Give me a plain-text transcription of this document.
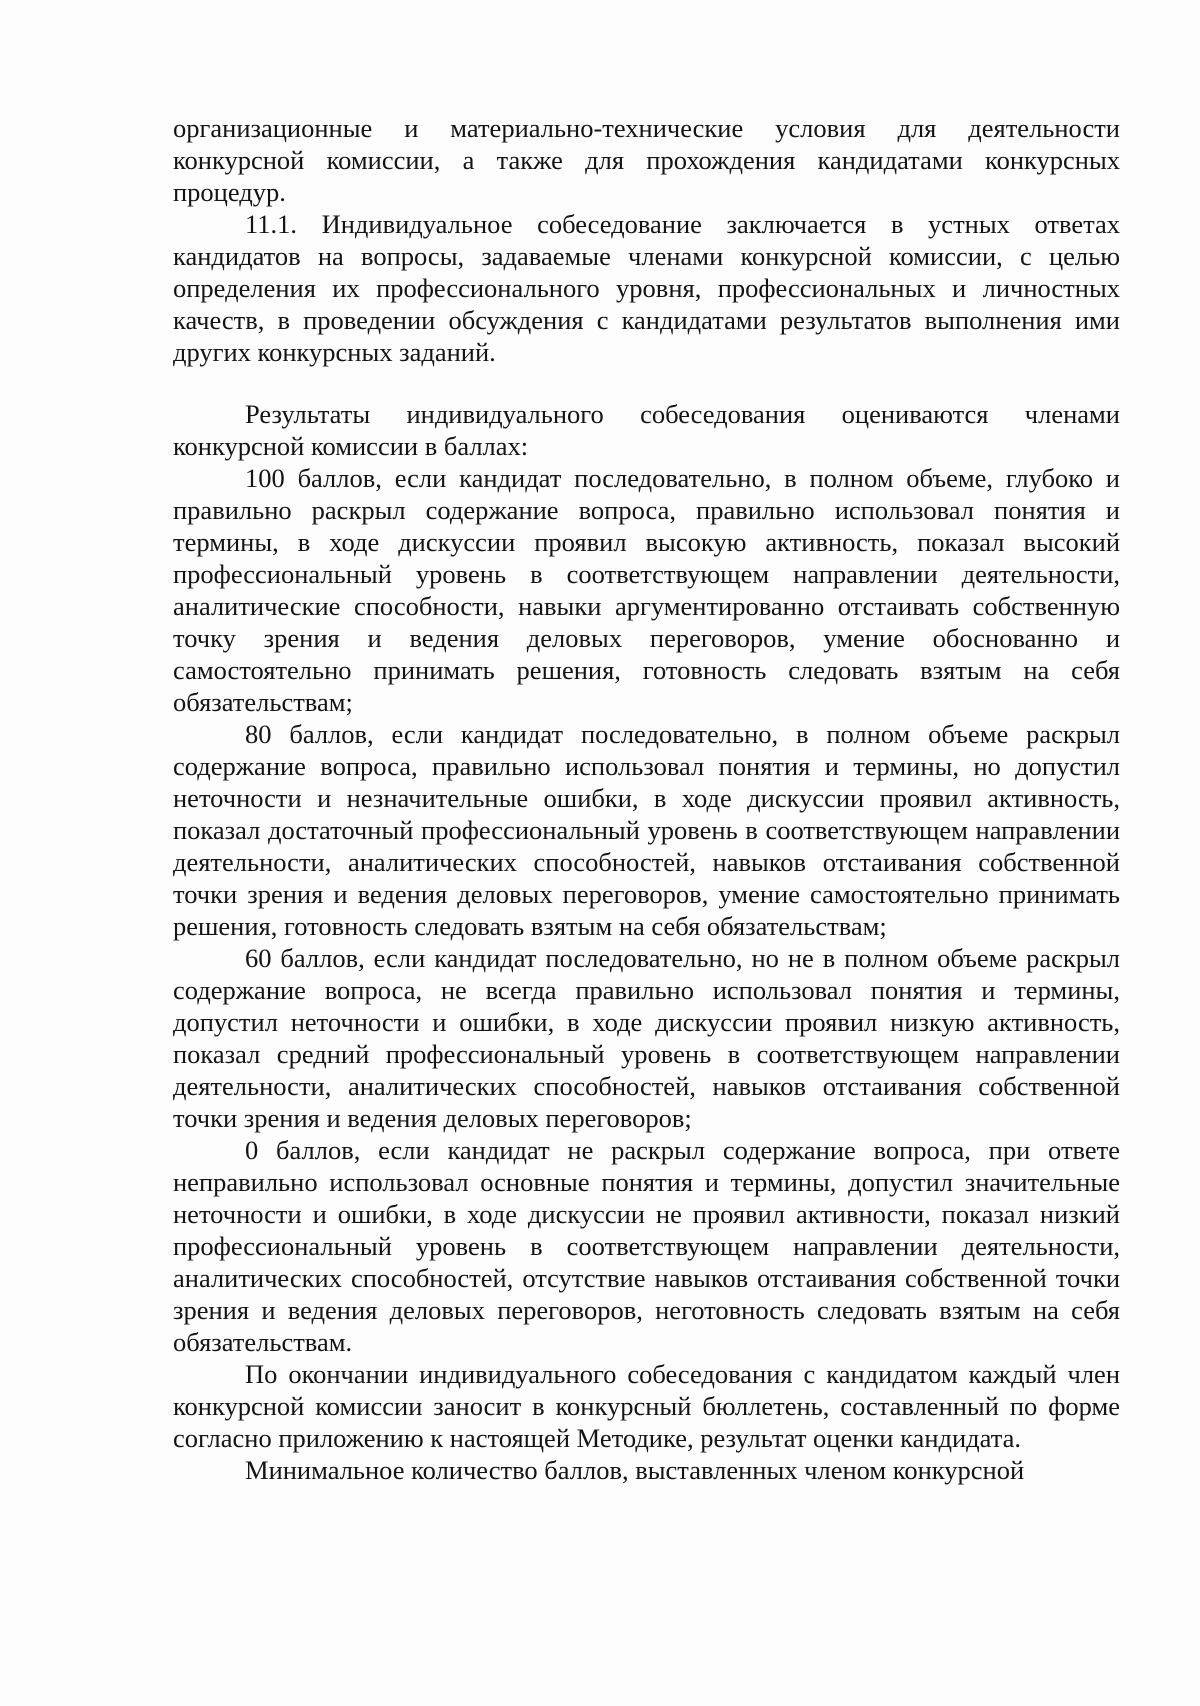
организационные и материально-технические условия для деятельности конкурсной комиссии, а также для прохождения кандидатами конкурсных процедур.

11.1. Индивидуальное собеседование заключается в устных ответах кандидатов на вопросы, задаваемые членами конкурсной комиссии, с целью определения их профессионального уровня, профессиональных и личностных качеств, в проведении обсуждения с кандидатами результатов выполнения ими других конкурсных заданий.

Результаты индивидуального собеседования оцениваются членами конкурсной комиссии в баллах:

100 баллов, если кандидат последовательно, в полном объеме, глубоко и правильно раскрыл содержание вопроса, правильно использовал понятия и термины, в ходе дискуссии проявил высокую активность, показал высокий профессиональный уровень в соответствующем направлении деятельности, аналитические способности, навыки аргументированно отстаивать собственную точку зрения и ведения деловых переговоров, умение обоснованно и самостоятельно принимать решения, готовность следовать взятым на себя обязательствам;

80 баллов, если кандидат последовательно, в полном объеме раскрыл содержание вопроса, правильно использовал понятия и термины, но допустил неточности и незначительные ошибки, в ходе дискуссии проявил активность, показал достаточный профессиональный уровень в соответствующем направлении деятельности, аналитических способностей, навыков отстаивания собственной точки зрения и ведения деловых переговоров, умение самостоятельно принимать решения, готовность следовать взятым на себя обязательствам;

60 баллов, если кандидат последовательно, но не в полном объеме раскрыл содержание вопроса, не всегда правильно использовал понятия и термины, допустил неточности и ошибки, в ходе дискуссии проявил низкую активность, показал средний профессиональный уровень в соответствующем направлении деятельности, аналитических способностей, навыков отстаивания собственной точки зрения и ведения деловых переговоров;

0 баллов, если кандидат не раскрыл содержание вопроса, при ответе неправильно использовал основные понятия и термины, допустил значительные неточности и ошибки, в ходе дискуссии не проявил активности, показал низкий профессиональный уровень в соответствующем направлении деятельности, аналитических способностей, отсутствие навыков отстаивания собственной точки зрения и ведения деловых переговоров, неготовность следовать взятым на себя обязательствам.

По окончании индивидуального собеседования с кандидатом каждый член конкурсной комиссии заносит в конкурсный бюллетень, составленный по форме согласно приложению к настоящей Методике, результат оценки кандидата.

Минимальное количество баллов, выставленных членом конкурсной
